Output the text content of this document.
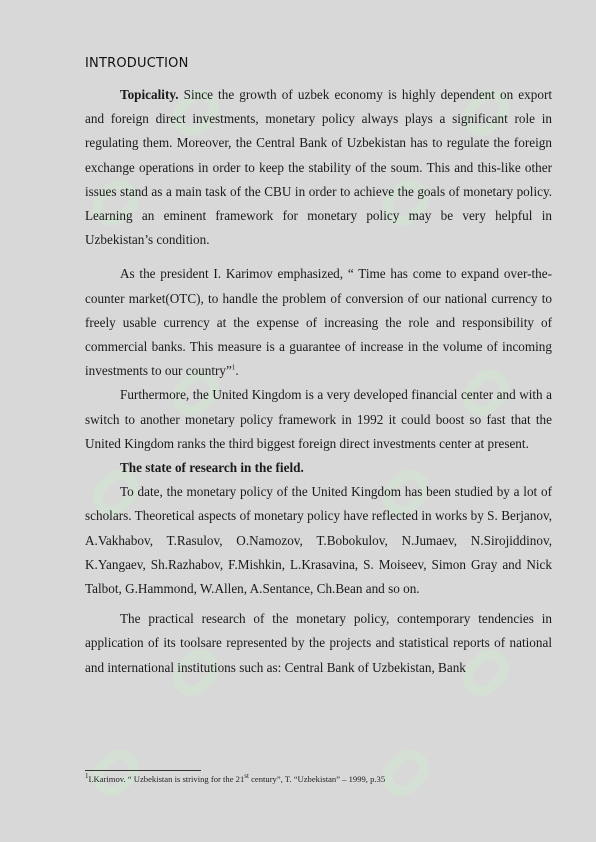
INTRODUCTION

Topicality. Since the growth of uzbek economy is highly dependent on export and foreign direct investments, monetary policy always plays a significant role in regulating them. Moreover, the Central Bank of Uzbekistan has to regulate the foreign exchange operations in order to keep the stability of the soum. This and this-like other issues stand as a main task of the CBU in order to achieve the goals of monetary policy. Learning an eminent framework for monetary policy may be very helpful in Uzbekistan’s condition.

As the president I. Karimov emphasized, “ Time has come to expand over-the-counter market(OTC), to handle the problem of conversion of our national currency to freely usable currency at the expense of increasing the role and responsibility of commercial banks. This measure is a guarantee of increase in the volume of incoming investments to our country”$^1$.

Furthermore, the United Kingdom is a very developed financial center and with a switch to another monetary policy framework in 1992 it could boost so fast that the United Kingdom ranks the third biggest foreign direct investments center at present.

The state of research in the field.

To date, the monetary policy of the United Kingdom has been studied by a lot of scholars. Theoretical aspects of monetary policy have reflected in works by S. Berjanov, A.Vakhabov, T.Rasulov, O.Namozov, T.Bobokulov, N.Jumaev, N.Sirojiddinov, K.Yangaev, Sh.Razhabov, F.Mishkin, L.Krasavina, S. Moiseev, Simon Gray and Nick Talbot, G.Hammond, W.Allen, A.Sentance, Ch.Bean and so on.

The practical research of the monetary policy, contemporary tendencies in application of its toolsare represented by the projects and statistical reports of national and international institutions such as: Central Bank of Uzbekistan, Bank

$^1$I.Karimov. “ Uzbekistan is striving for the 21st century”, T. “Uzbekistan” – 1999, p.35
